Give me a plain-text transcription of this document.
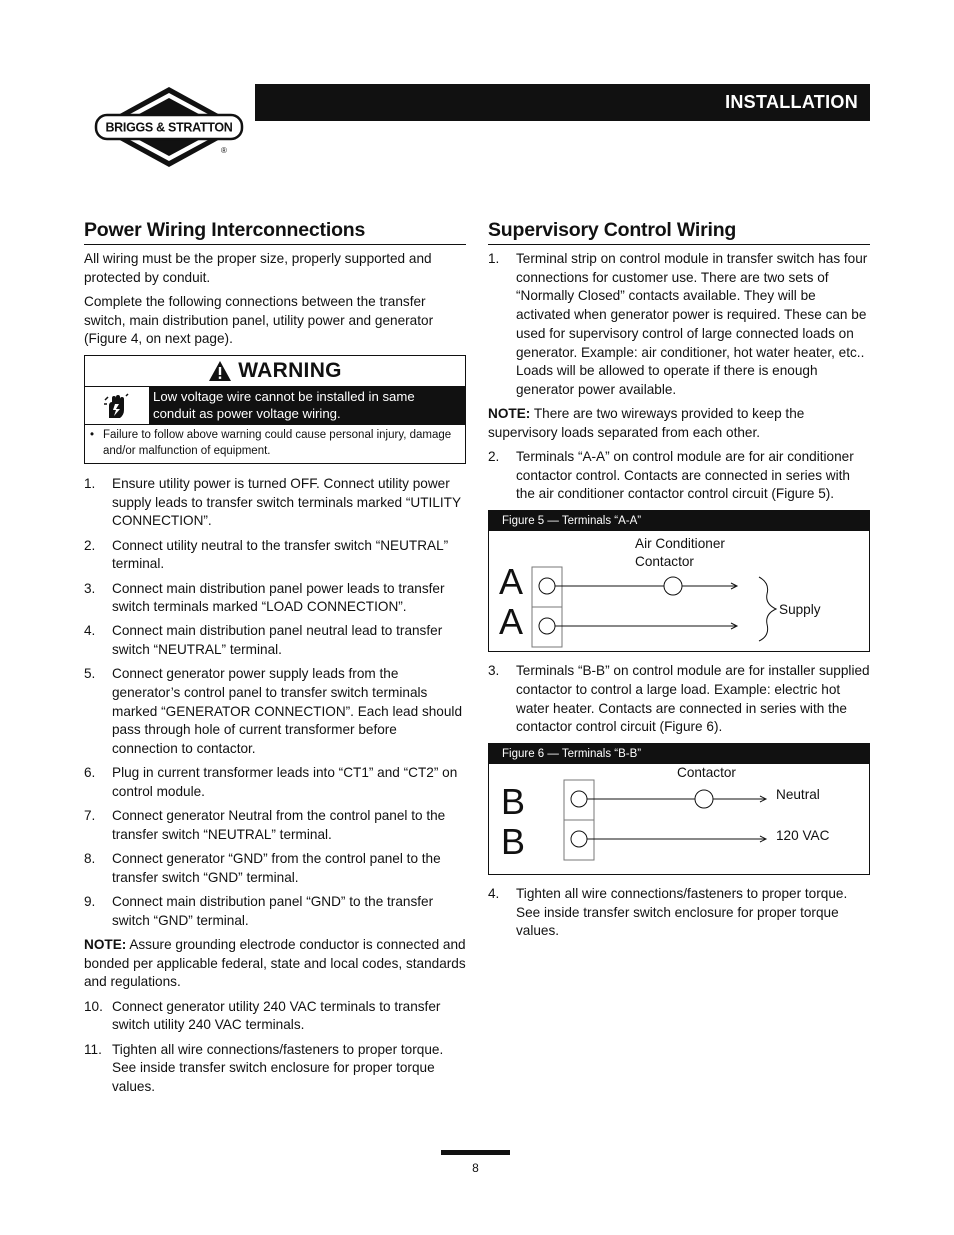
BRIGGS & STRATTON
®
INSTALLATION
Power Wiring Interconnections

All wiring must be the proper size, properly supported and protected by conduit.

Complete the following connections between the transfer switch, main distribution panel, utility power and generator (Figure 4, on next page).

WARNING
Low voltage wire cannot be installed in same conduit as power voltage wiring.
• Failure to follow above warning could cause personal injury, damage and/or malfunction of equipment.
1. Ensure utility power is turned OFF. Connect utility power supply leads to transfer switch terminals marked “UTILITY CONNECTION”.
2. Connect utility neutral to the transfer switch “NEUTRAL” terminal.
3. Connect main distribution panel power leads to transfer switch terminals marked “LOAD CONNECTION”.
4. Connect main distribution panel neutral lead to transfer switch “NEUTRAL” terminal.
5. Connect generator power supply leads from the generator’s control panel to transfer switch terminals marked “GENERATOR CONNECTION”. Each lead should pass through hole of current transformer before connection to contactor.
6. Plug in current transformer leads into “CT1” and “CT2” on control module.
7. Connect generator Neutral from the control panel to the transfer switch “NEUTRAL” terminal.
8. Connect generator “GND” from the control panel to the transfer switch “GND” terminal.
9. Connect main distribution panel “GND” to the transfer switch “GND” terminal.

NOTE: Assure grounding electrode conductor is connected and bonded per applicable federal, state and local codes, standards and regulations.

10. Connect generator utility 240 VAC terminals to transfer switch utility 240 VAC terminals.
11. Tighten all wire connections/fasteners to proper torque. See inside transfer switch enclosure for proper torque values.
Supervisory Control Wiring
1. Terminal strip on control module in transfer switch has four connections for customer use. There are two sets of “Normally Closed” contacts available. They will be activated when generator power is required. These can be used for supervisory control of large connected loads on generator. Example: air conditioner, hot water heater, etc.. Loads will be allowed to operate if there is enough generator power available.

NOTE: There are two wireways provided to keep the supervisory loads separated from each other.

2. Terminals “A-A” on control module are for air conditioner contactor control. Contacts are connected in series with the air conditioner contactor control circuit (Figure 5).
Figure 5 — Terminals “A-A”
A
A
Air Conditioner
Contactor
Supply
3. Terminals “B-B” on control module are for installer supplied contactor to control a large load. Example: electric hot water heater. Contacts are connected in series with the contactor control circuit (Figure 6).
Figure 6 — Terminals “B-B”
B
B
Contactor
Neutral
120 VAC
4. Tighten all wire connections/fasteners to proper torque. See inside transfer switch enclosure for proper torque values.
8
